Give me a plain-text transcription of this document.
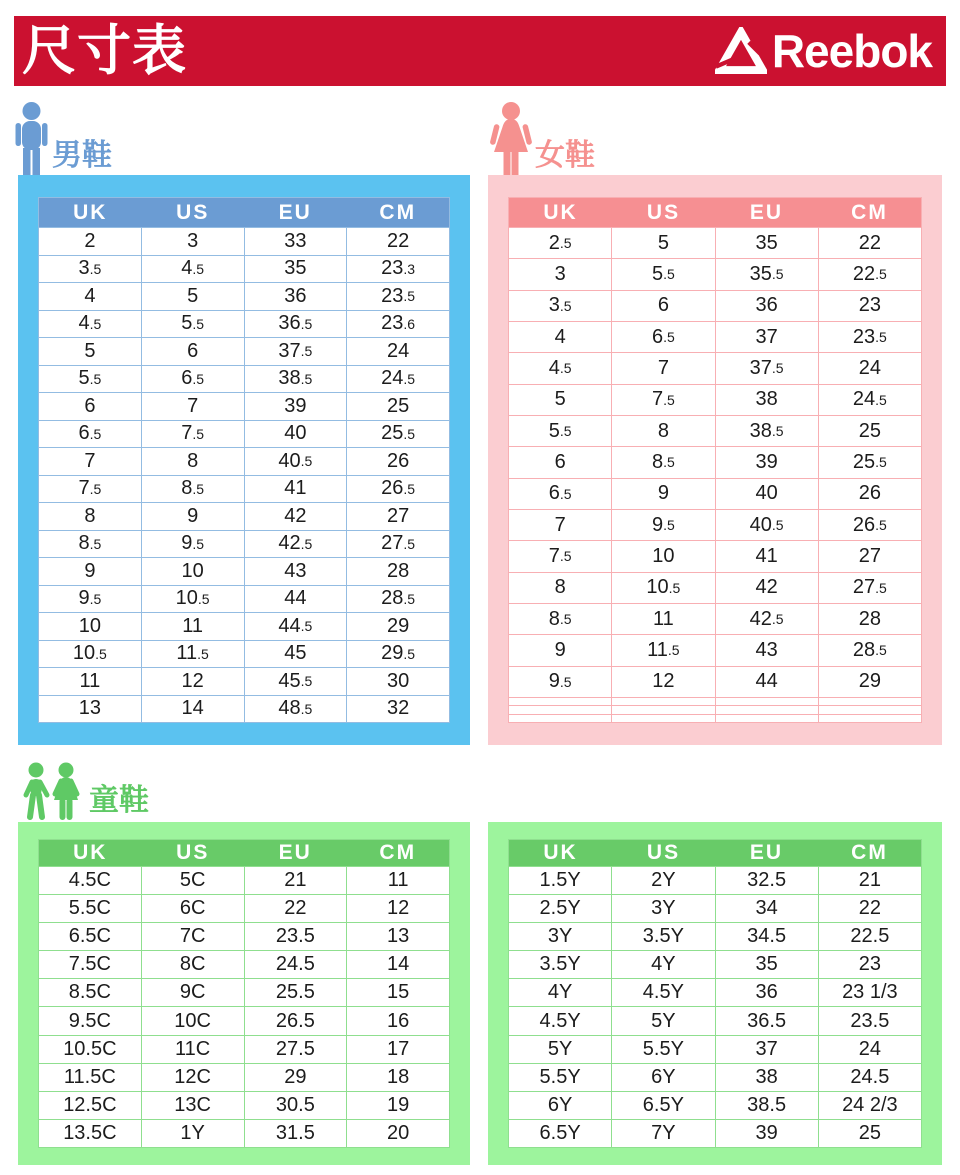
尺寸表	Reebok
男鞋
UK	US	EU	CM
2	3	33	22
3 .5	4 .5	35	23 .3
4	5	36	23 .5
4 .5	5 .5	36 .5	23 .6
5	6	37 .5	24
5 .5	6 .5	38 .5	24 .5
6	7	39	25
6 .5	7 .5	40	25 .5
7	8	40 .5	26
7 .5	8 .5	41	26 .5
8	9	42	27
8 .5	9 .5	42 .5	27 .5
9	10	43	28
9 .5	10 .5	44	28 .5
10	11	44 .5	29
10 .5	11 .5	45	29 .5
11	12	45 .5	30
13	14	48 .5	32
女鞋
UK	US	EU	CM
2 .5	5	35	22
3	5 .5	35 .5	22 .5
3 .5	6	36	23
4	6 .5	37	23 .5
4 .5	7	37 .5	24
5	7 .5	38	24 .5
5 .5	8	38 .5	25
6	8 .5	39	25 .5
6 .5	9	40	26
7	9 .5	40 .5	26 .5
7 .5	10	41	27
8	10 .5	42	27 .5
8 .5	11	42 .5	28
9	11 .5	43	28 .5
9 .5	12	44	29
童鞋
UK	US	EU	CM
4.5C	5C	21	11
5.5C	6C	22	12
6.5C	7C	23.5	13
7.5C	8C	24.5	14
8.5C	9C	25.5	15
9.5C	10C	26.5	16
10.5C	11C	27.5	17
11.5C	12C	29	18
12.5C	13C	30.5	19
13.5C	1Y	31.5	20
UK	US	EU	CM
1.5Y	2Y	32.5	21
2.5Y	3Y	34	22
3Y	3.5Y	34.5	22.5
3.5Y	4Y	35	23
4Y	4.5Y	36	23 1/3
4.5Y	5Y	36.5	23.5
5Y	5.5Y	37	24
5.5Y	6Y	38	24.5
6Y	6.5Y	38.5	24 2/3
6.5Y	7Y	39	25
